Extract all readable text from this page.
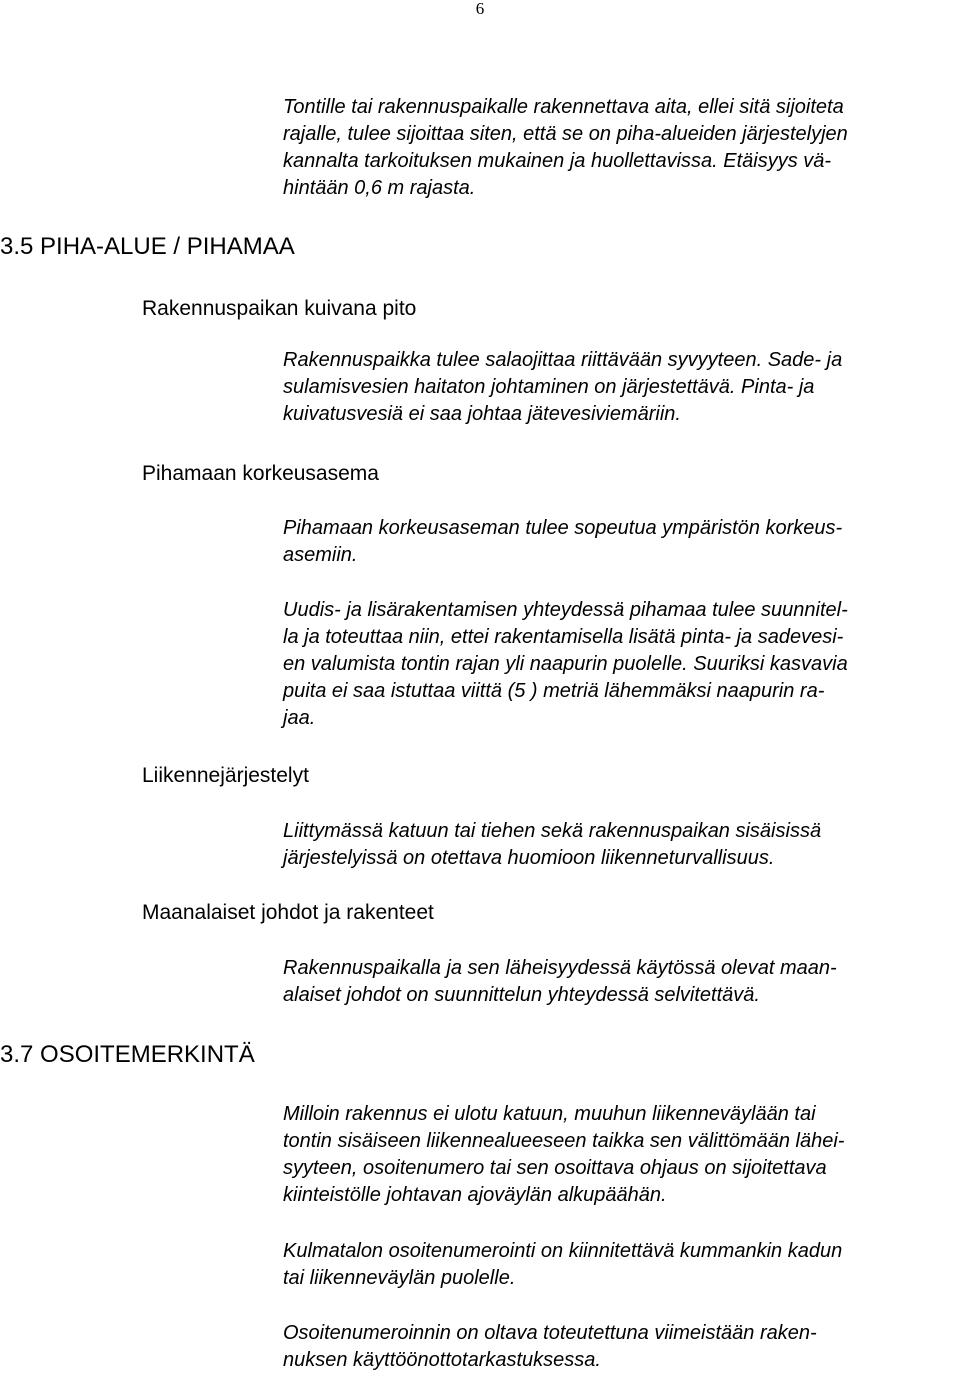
6
Tontille tai rakennuspaikalle rakennettava aita, ellei sitä sijoiteta
rajalle, tulee sijoittaa siten, että se on piha-alueiden järjestelyjen
kannalta tarkoituksen mukainen ja huollettavissa. Etäisyys vä-
hintään 0,6 m rajasta.
3.5 PIHA-ALUE / PIHAMAA
Rakennuspaikan kuivana pito
Rakennuspaikka tulee salaojittaa riittävään syvyyteen. Sade- ja
sulamisvesien haitaton johtaminen on järjestettävä. Pinta- ja
kuivatusvesiä ei saa johtaa jätevesiviemäriin.
Pihamaan korkeusasema
Pihamaan korkeusaseman tulee sopeutua ympäristön korkeus-
asemiin.
Uudis- ja lisärakentamisen yhteydessä pihamaa tulee suunnitel-
la ja toteuttaa niin, ettei rakentamisella lisätä pinta- ja sadevesi-
en valumista tontin rajan yli naapurin puolelle. Suuriksi kasvavia
puita ei saa istuttaa viittä (5 ) metriä lähemmäksi naapurin ra-
jaa.
Liikennejärjestelyt
Liittymässä katuun tai tiehen sekä rakennuspaikan sisäisissä
järjestelyissä on otettava huomioon liikenneturvallisuus.
Maanalaiset johdot ja rakenteet
Rakennuspaikalla ja sen läheisyydessä käytössä olevat maan-
alaiset johdot on suunnittelun yhteydessä selvitettävä.
3.7 OSOITEMERKINTÄ
Milloin rakennus ei ulotu katuun, muuhun liikenneväylään tai
tontin sisäiseen liikennealueeseen taikka sen välittömään lähei-
syyteen, osoitenumero tai sen osoittava ohjaus on sijoitettava
kiinteistölle johtavan ajoväylän alkupäähän.
Kulmatalon osoitenumerointi on kiinnitettävä kummankin kadun
tai liikenneväylän puolelle.
Osoitenumeroinnin on oltava toteutettuna viimeistään raken-
nuksen käyttöönottotarkastuksessa.
